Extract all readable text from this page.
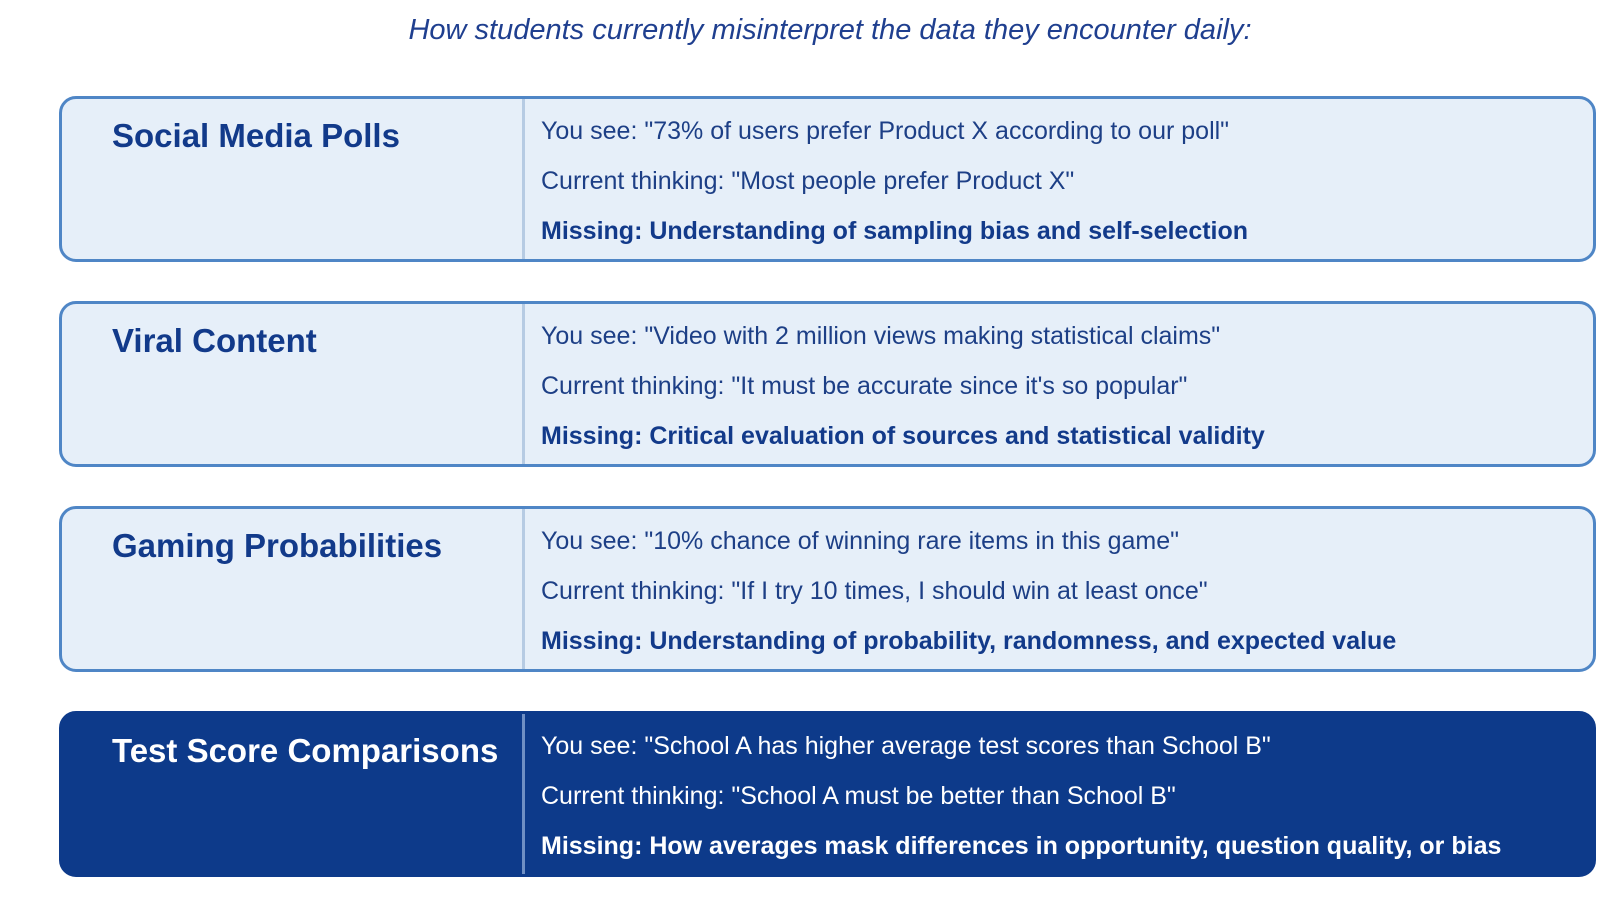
How students currently misinterpret the data they encounter daily:
Social Media Polls	You see: "73% of users prefer Product X according to our poll"
Current thinking: "Most people prefer Product X"
Missing: Understanding of sampling bias and self-selection
Viral Content	You see: "Video with 2 million views making statistical claims"
Current thinking: "It must be accurate since it's so popular"
Missing: Critical evaluation of sources and statistical validity
Gaming Probabilities	You see: "10% chance of winning rare items in this game"
Current thinking: "If I try 10 times, I should win at least once"
Missing: Understanding of probability, randomness, and expected value
Test Score Comparisons You see: "School A has higher average test scores than School B"
Current thinking: "School A must be better than School B"
Missing: How averages mask differences in opportunity, question quality, or bias
